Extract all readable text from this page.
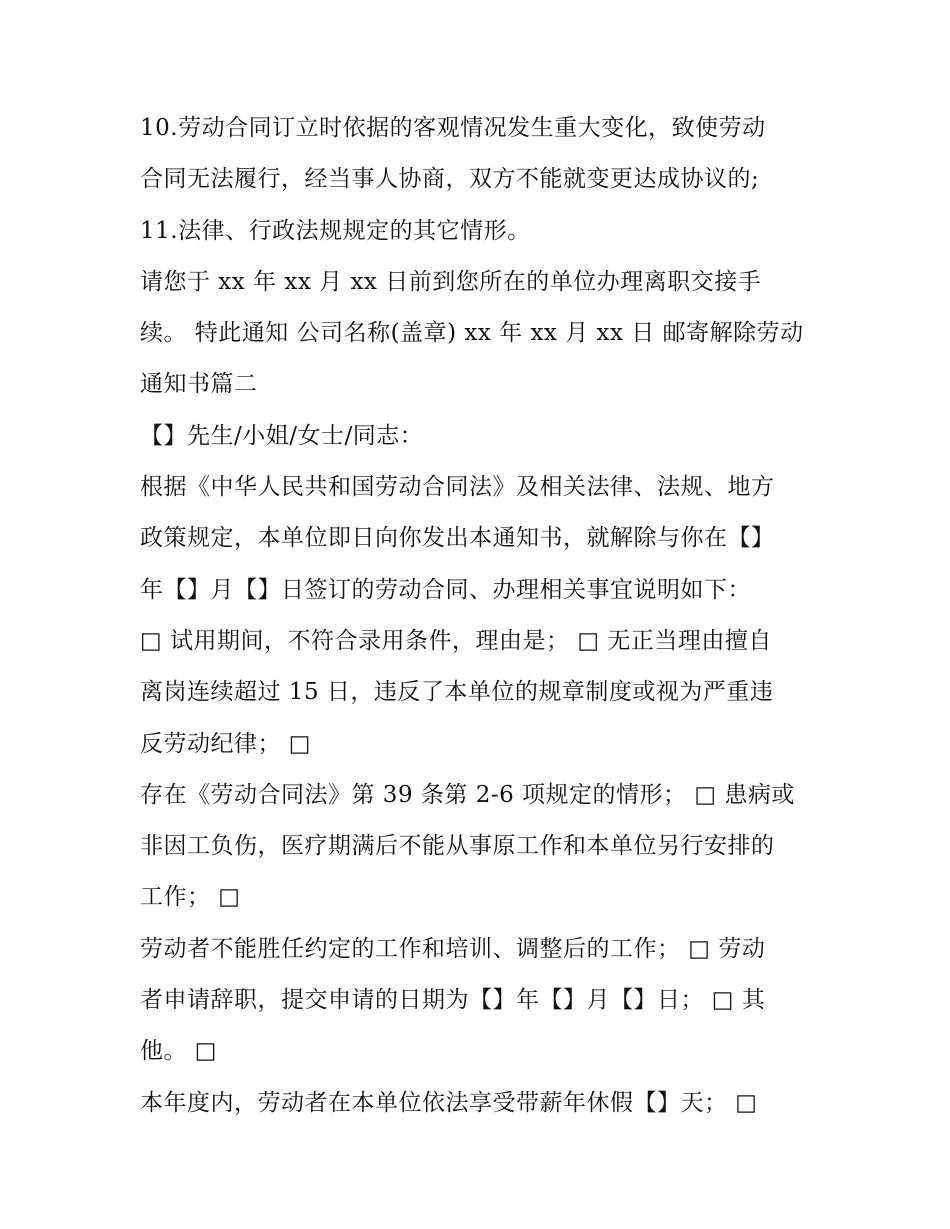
10.劳动合同订立时依据的客观情况发生重大变化，致使劳动
合同无法履行，经当事人协商，双方不能就变更达成协议的;
11.法律、行政法规规定的其它情形。
请您于 xx 年 xx 月 xx 日前到您所在的单位办理离职交接手
续。 特此通知 公司名称(盖章) xx 年 xx 月 xx 日 邮寄解除劳动
通知书篇二
【】先生/小姐/女士/同志：
根据《中华人民共和国劳动合同法》及相关法律、法规、地方
政策规定，本单位即日向你发出本通知书，就解除与你在【】
年【】月【】日签订的劳动合同、办理相关事宜说明如下：
□ 试用期间，不符合录用条件，理由是； □ 无正当理由擅自
离岗连续超过 15 日，违反了本单位的规章制度或视为严重违
反劳动纪律； □
存在《劳动合同法》第 39 条第 2-6 项规定的情形； □ 患病或
非因工负伤，医疗期满后不能从事原工作和本单位另行安排的
工作； □
劳动者不能胜任约定的工作和培训、调整后的工作； □ 劳动
者申请辞职，提交申请的日期为【】年【】月【】日； □ 其
他。 □
本年度内，劳动者在本单位依法享受带薪年休假【】天； □
